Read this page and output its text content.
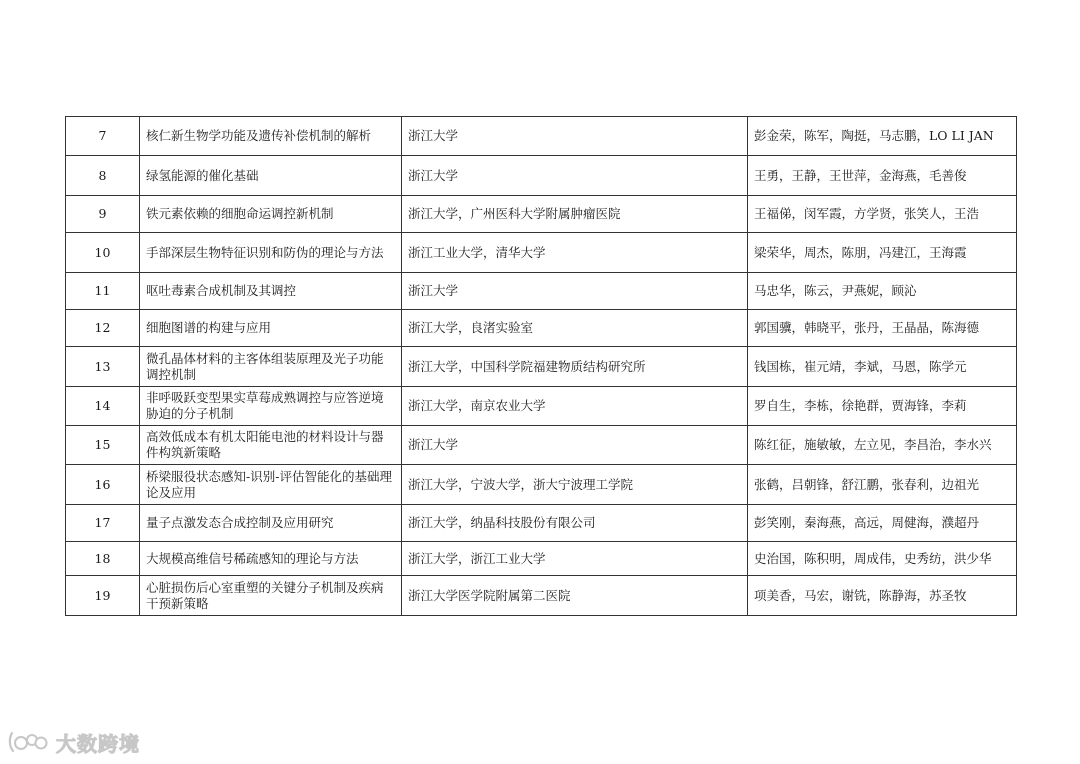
7	核仁新生物学功能及遗传补偿机制的解析	浙江大学	彭金荣，陈军，陶挺，马志鹏，LO LI JAN
8	绿氢能源的催化基础	浙江大学	王勇，王静，王世萍，金海燕，毛善俊
9	铁元素依赖的细胞命运调控新机制	浙江大学，广州医科大学附属肿瘤医院	王福俤，闵军霞，方学贤，张笑人，王浩
10	手部深层生物特征识别和防伪的理论与方法	浙江工业大学，清华大学	梁荣华，周杰，陈朋，冯建江，王海霞
11	呕吐毒素合成机制及其调控	浙江大学	马忠华，陈云，尹燕妮，顾沁
12	细胞图谱的构建与应用	浙江大学，良渚实验室	郭国骥，韩晓平，张丹，王晶晶，陈海德
13	微孔晶体材料的主客体组装原理及光子功能调控机制	浙江大学，中国科学院福建物质结构研究所	钱国栋，崔元靖，李斌，马恩，陈学元
14	非呼吸跃变型果实草莓成熟调控与应答逆境胁迫的分子机制	浙江大学，南京农业大学	罗自生，李栋，徐艳群，贾海锋，李莉
15	高效低成本有机太阳能电池的材料设计与器件构筑新策略	浙江大学	陈红征，施敏敏，左立见，李昌治，李水兴
16	桥梁服役状态感知-识别-评估智能化的基础理论及应用	浙江大学，宁波大学，浙大宁波理工学院	张鹤，吕朝锋，舒江鹏，张春利，边祖光
17	量子点激发态合成控制及应用研究	浙江大学，纳晶科技股份有限公司	彭笑刚，秦海燕，高远，周健海，濮超丹
18	大规模高维信号稀疏感知的理论与方法	浙江大学，浙江工业大学	史治国，陈积明，周成伟，史秀纺，洪少华
19	心脏损伤后心室重塑的关键分子机制及疾病干预新策略	浙江大学医学院附属第二医院	项美香，马宏，谢铣，陈静海，苏圣牧
大数跨境
